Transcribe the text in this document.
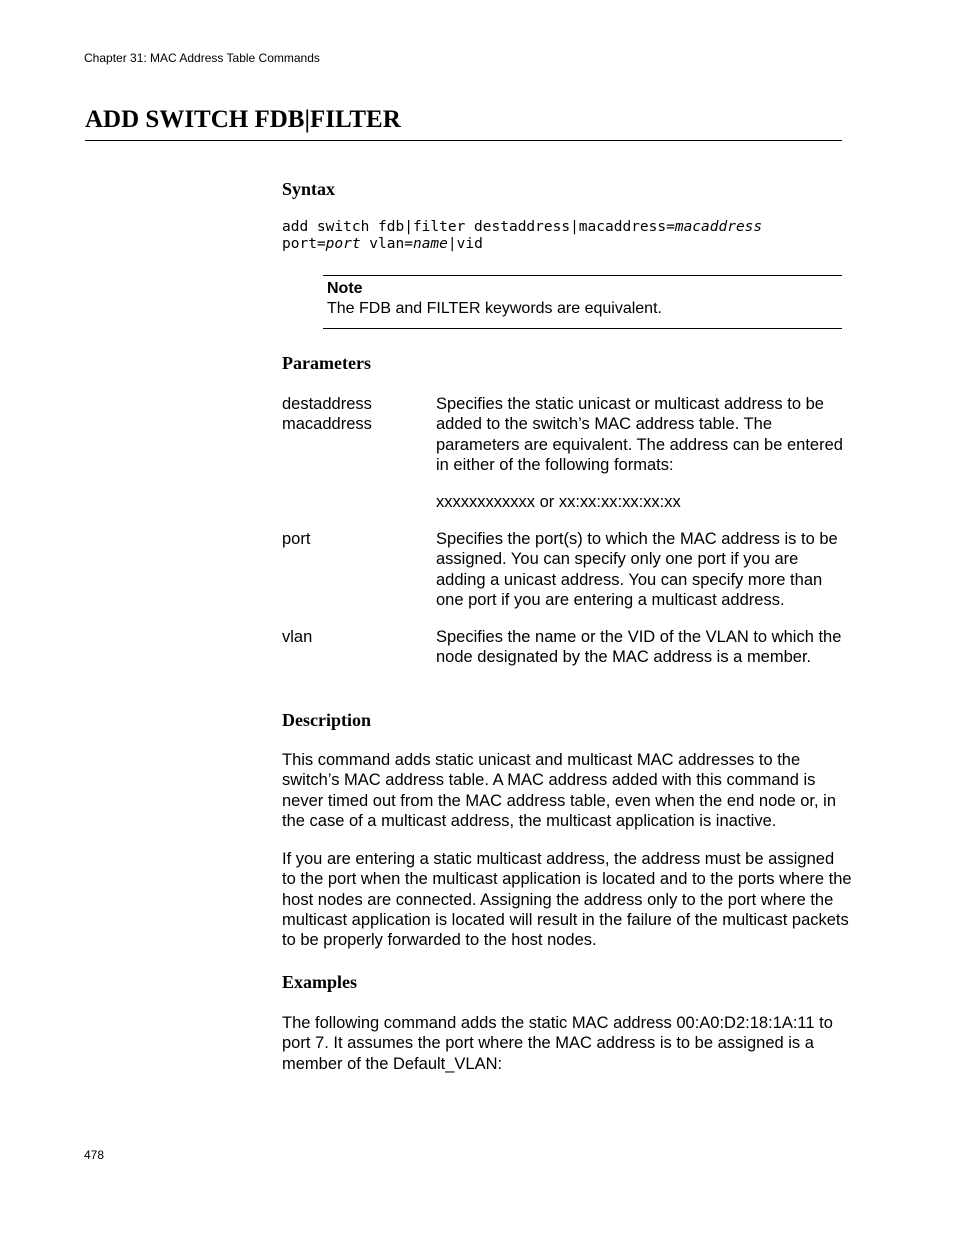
Chapter 31: MAC Address Table Commands
ADD SWITCH FDB|FILTER
Syntax
add switch fdb|filter destaddress|macaddress=macaddress
port=port vlan=name|vid
Note
The FDB and FILTER keywords are equivalent.
Parameters
destaddress
macaddress
Specifies the static unicast or multicast address to be added to the switch’s MAC address table. The parameters are equivalent. The address can be entered in either of the following formats:
xxxxxxxxxxxx or xx:xx:xx:xx:xx:xx
port	Specifies the port(s) to which the MAC address is to be assigned. You can specify only one port if you are adding a unicast address. You can specify more than one port if you are entering a multicast address.
vlan	Specifies the name or the VID of the VLAN to which the node designated by the MAC address is a member.
Description

This command adds static unicast and multicast MAC addresses to the switch’s MAC address table. A MAC address added with this command is never timed out from the MAC address table, even when the end node or, in the case of a multicast address, the multicast application is inactive.

If you are entering a static multicast address, the address must be assigned to the port when the multicast application is located and to the ports where the host nodes are connected. Assigning the address only to the port where the multicast application is located will result in the failure of the multicast packets to be properly forwarded to the host nodes.

Examples

The following command adds the static MAC address 00:A0:D2:18:1A:11 to port 7. It assumes the port where the MAC address is to be assigned is a member of the Default_VLAN:

478
